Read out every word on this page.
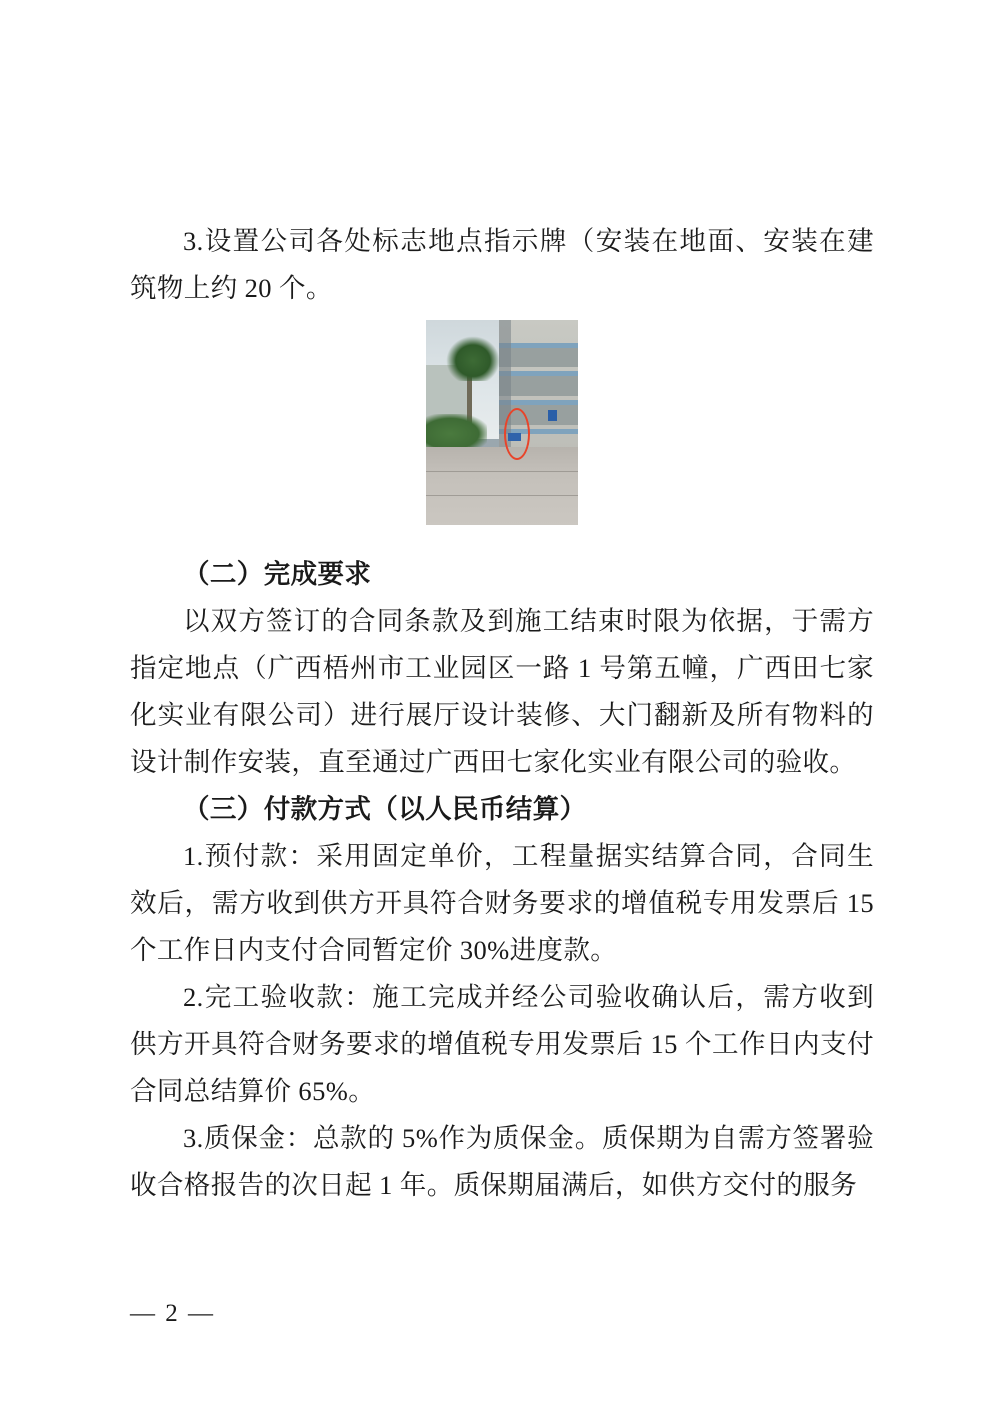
3.设置公司各处标志地点指示牌（安装在地面、安装在建筑物上约 20 个。

（二）完成要求

以双方签订的合同条款及到施工结束时限为依据，于需方指定地点（广西梧州市工业园区一路 1 号第五幢，广西田七家化实业有限公司）进行展厅设计装修、大门翻新及所有物料的设计制作安装，直至通过广西田七家化实业有限公司的验收。

（三）付款方式（以人民币结算）

1.预付款：采用固定单价，工程量据实结算合同，合同生效后，需方收到供方开具符合财务要求的增值税专用发票后 15 个工作日内支付合同暂定价 30%进度款。

2.完工验收款：施工完成并经公司验收确认后，需方收到供方开具符合财务要求的增值税专用发票后 15 个工作日内支付合同总结算价 65%。

3.质保金：总款的 5%作为质保金。质保期为自需方签署验收合格报告的次日起 1 年。质保期届满后，如供方交付的服务

— 2 —
